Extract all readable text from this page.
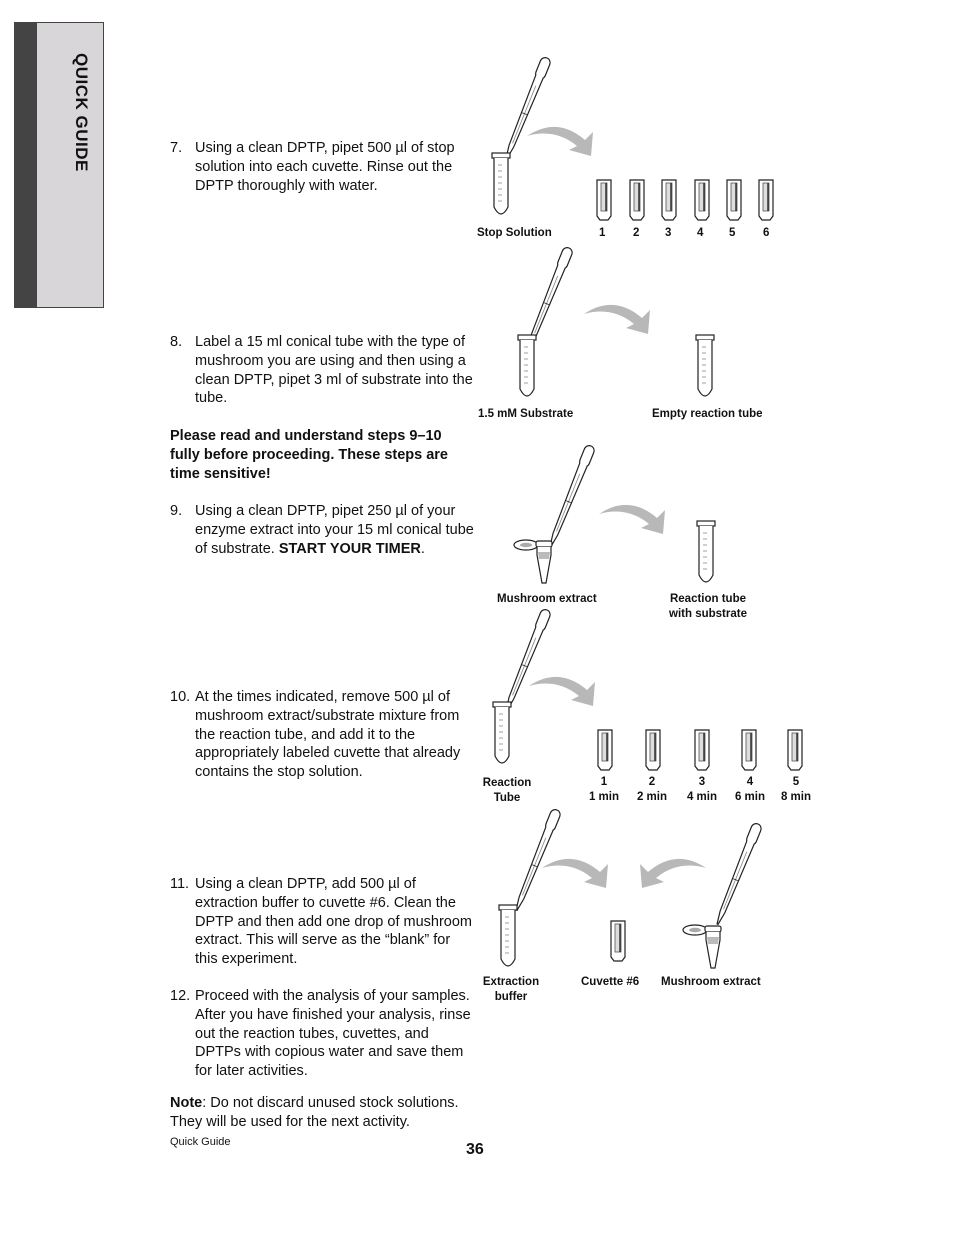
QUICK GUIDE	7. Using a clean DPTP, pipet 500 µl of stop solution into each cuvette. Rinse out the DPTP thoroughly with water.
8. Label a 15 ml conical tube with the type of mushroom you are using and then using a clean DPTP, pipet 3 ml of substrate into the tube.
Please read and understand steps 9–10 fully before proceeding. These steps are time sensitive!
9. Using a clean DPTP, pipet 250 µl of your enzyme extract into your 15 ml conical tube of substrate. START YOUR TIMER.
10. At the times indicated, remove 500 µl of mushroom extract/substrate mixture from the reaction tube, and add it to the appropriately labeled cuvette that already contains the stop solution.
11. Using a clean DPTP, add 500 µl of extraction buffer to cuvette #6. Clean the DPTP and then add one drop of mushroom extract. This will serve as the “blank” for this experiment.
12. Proceed with the analysis of your samples. After you have finished your analysis, rinse out the reaction tubes, cuvettes, and DPTPs with copious water and save them for later activities.
Note: Do not discard unused stock solutions. They will be used for the next activity.
Quick Guide	36
Stop Solution	1 2 3 4 5 6
1.5 mM Substrate	Empty reaction tube
Mushroom extract	Reaction tube
with substrate
Reaction
Tube
1
1 min
2
2 min
3
4 min
4
6 min
5
8 min
Extraction
buffer
Cuvette #6 Mushroom extract
